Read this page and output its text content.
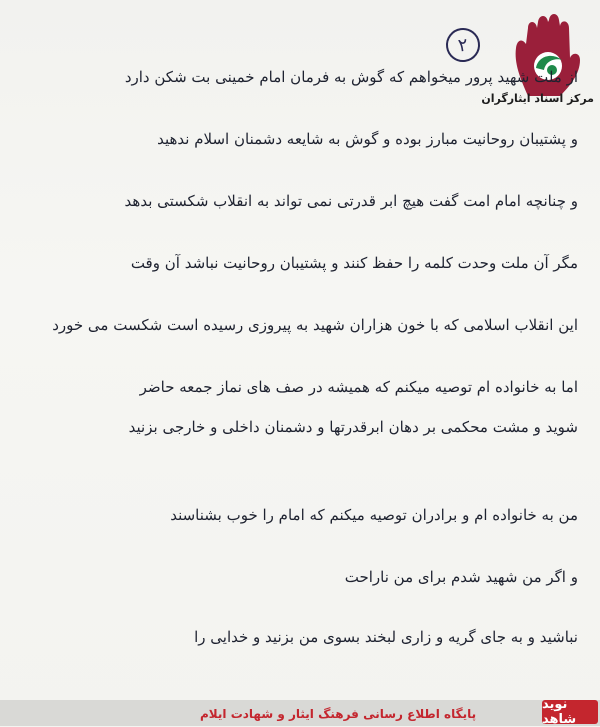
۲
مرکز اسناد ایثارگران
از ملت شهید پرور میخواهم که گوش به فرمان امام خمینی بت شکن دارد
و پشتیبان روحانیت مبارز بوده و گوش به شایعه دشمنان اسلام ندهید
و چنانچه امام امت گفت هیچ ابر قدرتی نمی تواند به انقلاب شکستی بدهد
مگر آن ملت وحدت کلمه را حفظ کنند و پشتیبان روحانیت نباشد آن وقت
این انقلاب اسلامی که با خون هزاران شهید به پیروزی رسیده است شکست می خورد
اما به خانواده ام توصیه میکنم که همیشه در صف های نماز جمعه حاضر
شوید و مشت محکمی بر دهان ابرقدرتها و دشمنان داخلی و خارجی بزنید
من به خانواده ام و برادران توصیه میکنم که امام را خوب بشناسند
و اگر من شهید شدم برای من ناراحت
نباشید و به جای گریه و زاری لبخند بسوی من بزنید و خدایی را
پایگاه اطلاع رسانی فرهنگ ایثار و شهادت ایلام
نوید شاهد
